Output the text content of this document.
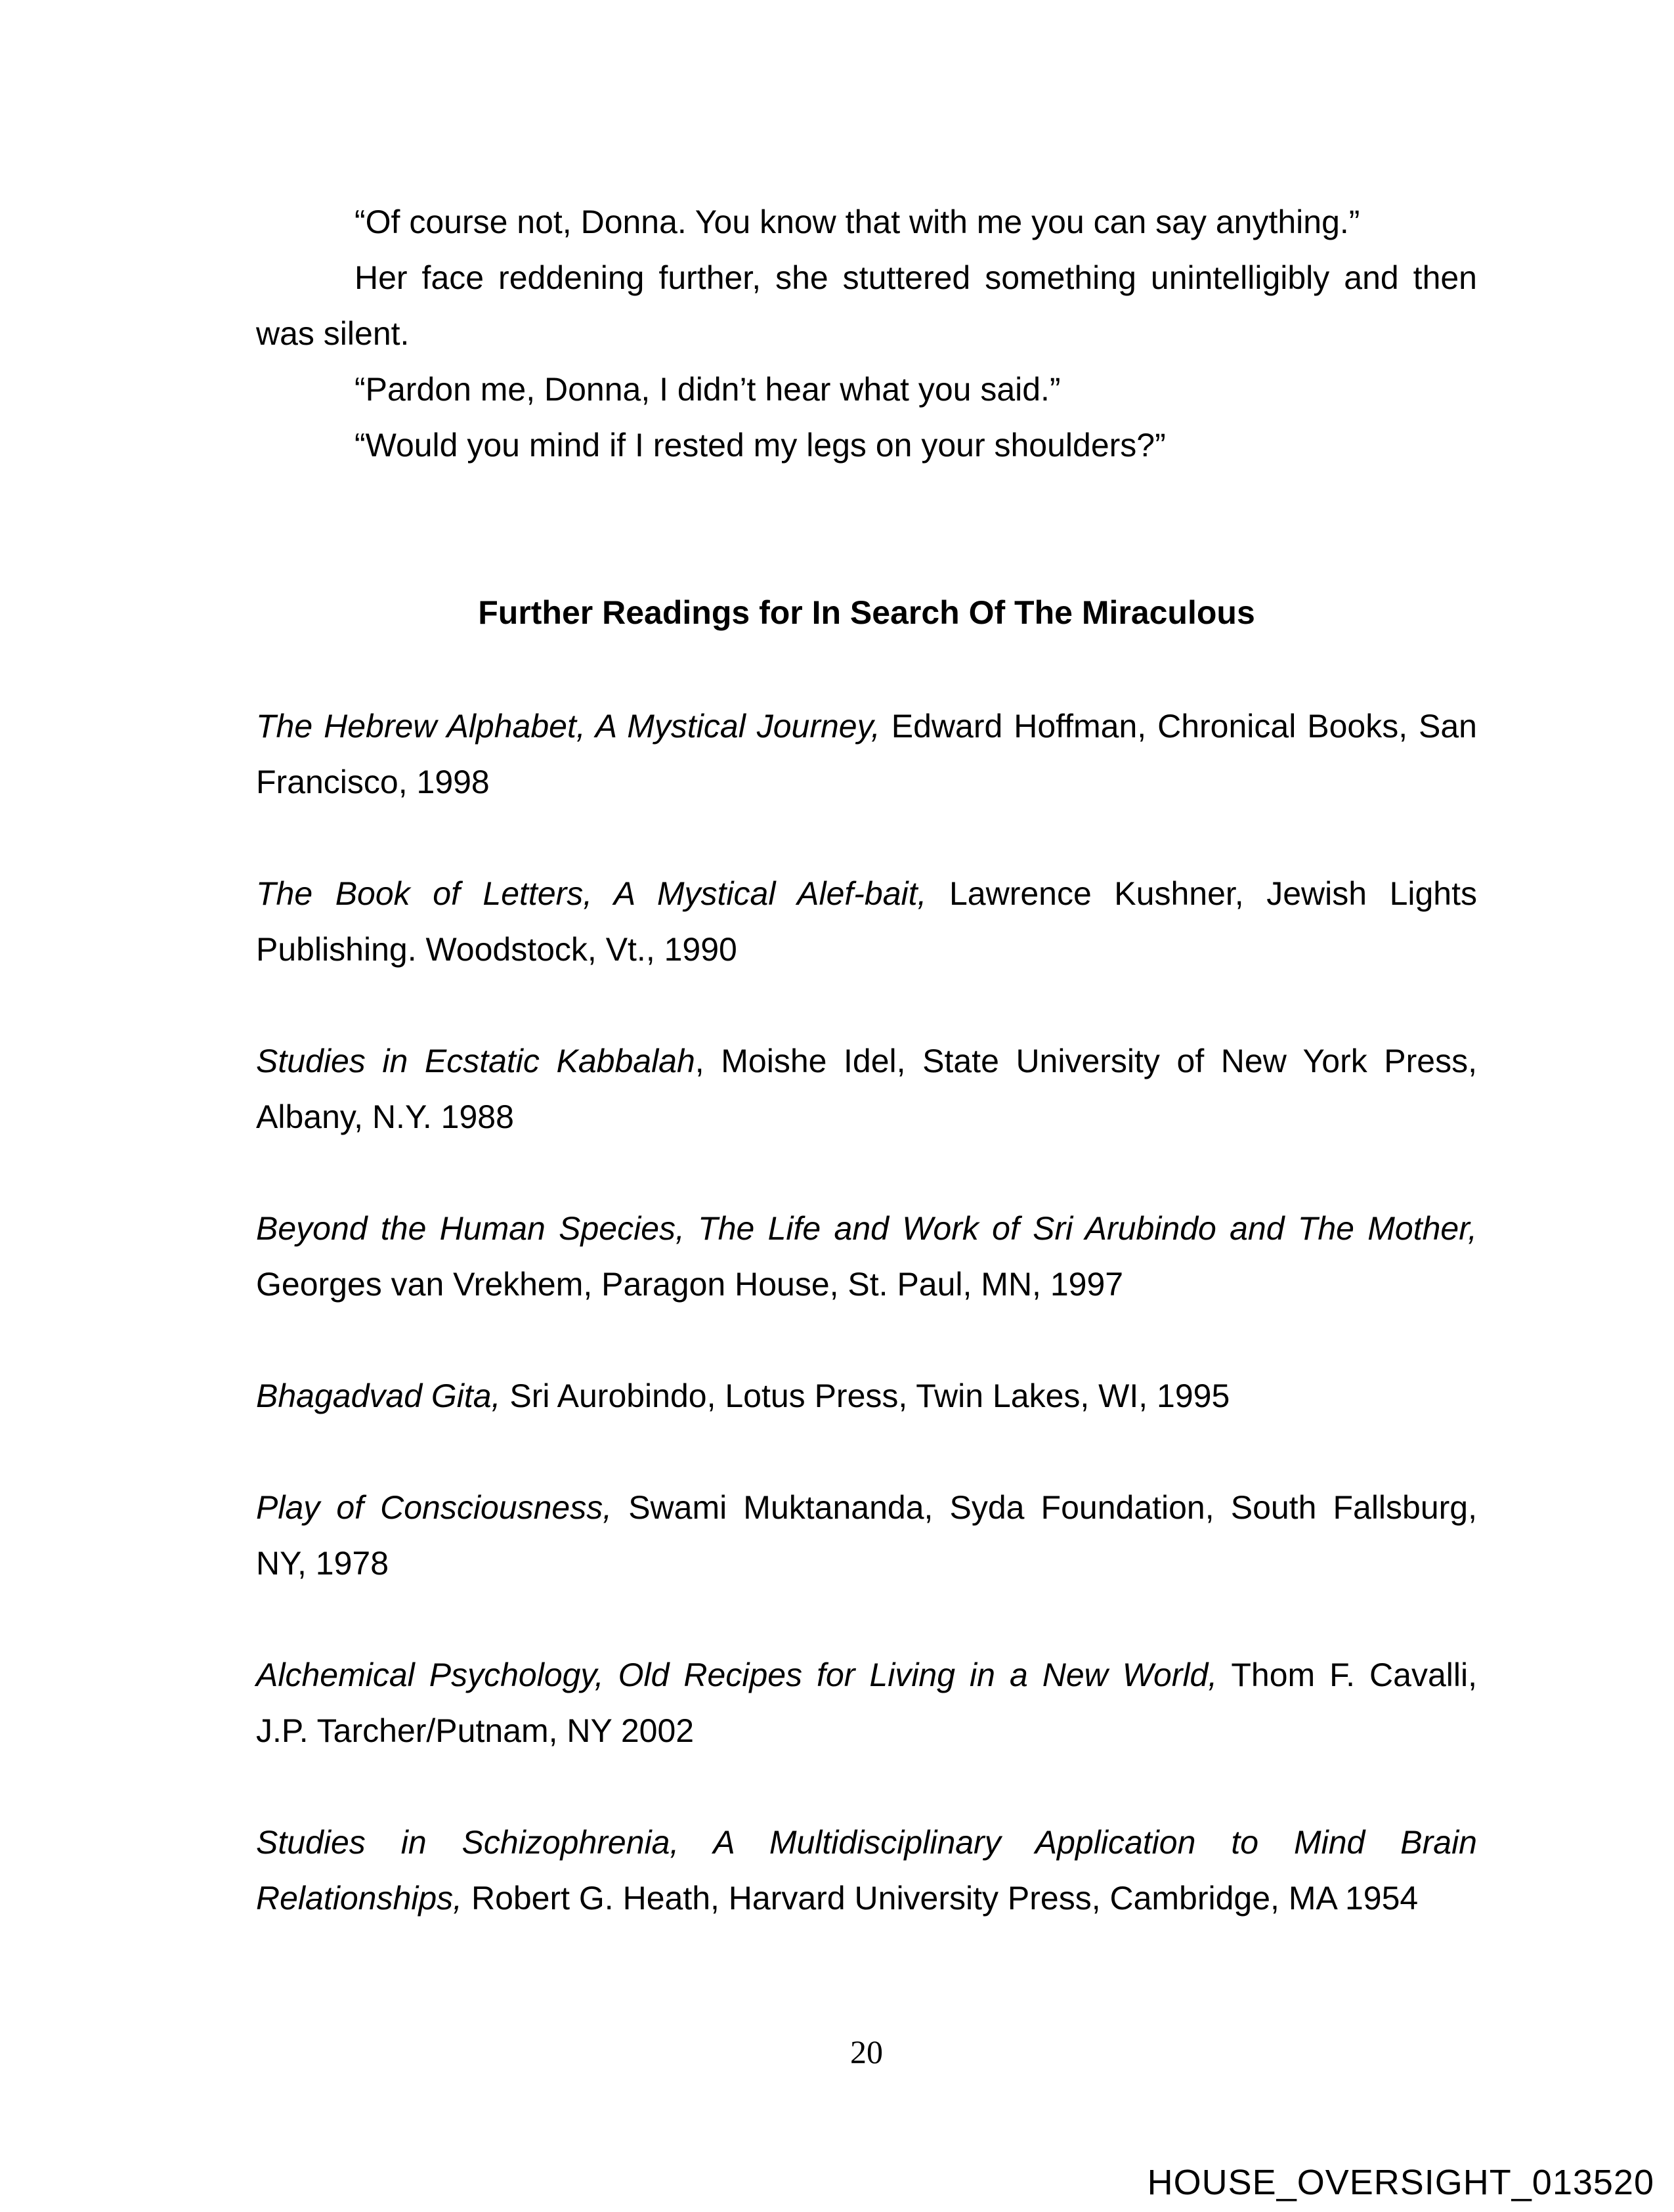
“Of course not, Donna. You know that with me you can say anything.”
Her face reddening further, she stuttered something unintelligibly and then
was silent.
“Pardon me, Donna, I didn’t hear what you said.”
“Would you mind if I rested my legs on your shoulders?”
Further Readings for In Search Of The Miraculous
The Hebrew Alphabet, A Mystical Journey, Edward Hoffman, Chronical Books, San
Francisco, 1998
The Book of Letters, A Mystical Alef-bait, Lawrence Kushner, Jewish Lights
Publishing. Woodstock, Vt., 1990
Studies in Ecstatic Kabbalah, Moishe Idel, State University of New York Press,
Albany, N.Y. 1988
Beyond the Human Species, The Life and Work of Sri Arubindo and The Mother,
Georges van Vrekhem, Paragon House, St. Paul, MN, 1997
Bhagadvad Gita, Sri Aurobindo, Lotus Press, Twin Lakes, WI, 1995
Play of Consciousness, Swami Muktananda, Syda Foundation, South Fallsburg,
NY, 1978
Alchemical Psychology, Old Recipes for Living in a New World, Thom F. Cavalli,
J.P. Tarcher/Putnam, NY 2002
Studies in Schizophrenia, A Multidisciplinary Application to Mind Brain
Relationships, Robert G. Heath, Harvard University Press, Cambridge, MA 1954
20
HOUSE_OVERSIGHT_013520
